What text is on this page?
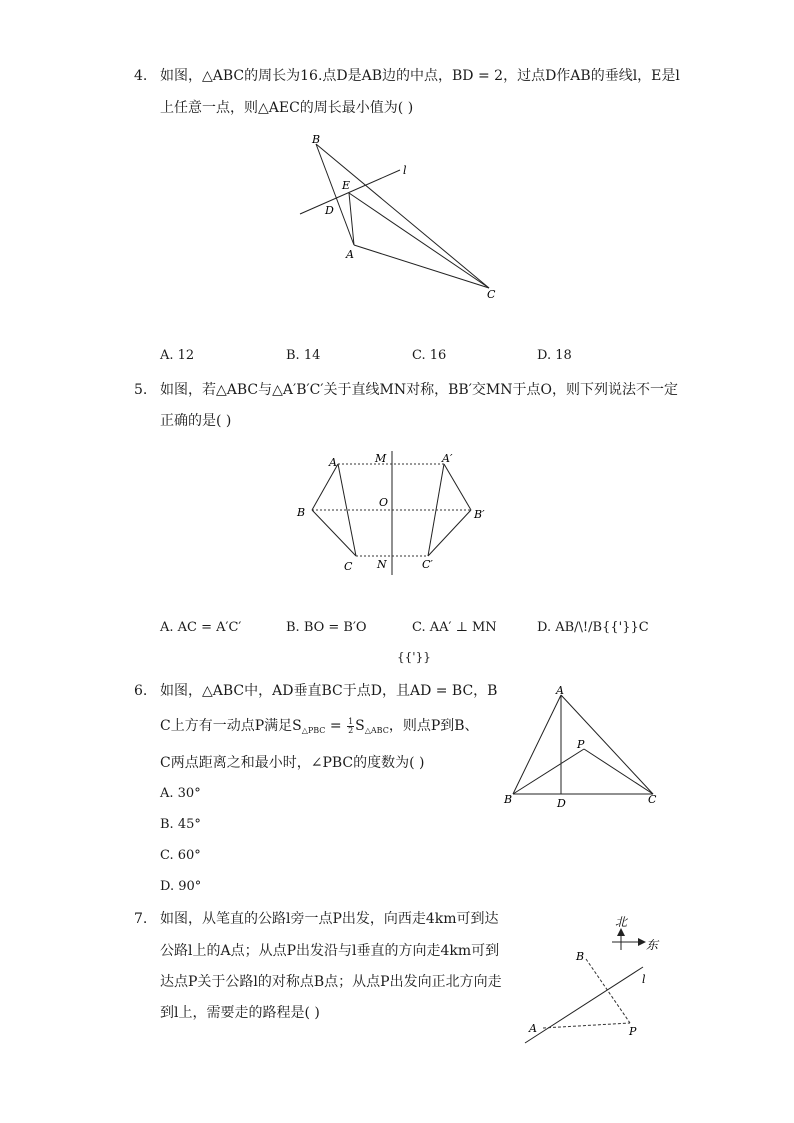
4. 如图，△ABC的周长为16.点D是AB边的中点，BD = 2，过点D作AB的垂线l，E是l
上任意一点，则△AEC的周长最小值为( )
B
E
l
D
A
C
A. 12	B. 14	C. 16	D. 18
5. 如图，若△ABC与△A′B′C′关于直线MN对称，BB′交MN于点O，则下列说法不一定
正确的是( )
A	M	A′
B
O
B′
C N	C′
A. AC = A′C′	B. BO = B′O	C. AA′ ⊥ MN	D. AB/\!/B{{'}}C
{{'}}
6. 如图，△ABC中，AD垂直BC于点D，且AD = BC，B
C上方有一动点P满足$S_{\triangle PBC} = \frac{1}{2} S_{\triangle ABC}$，则点P到B、
C两点距离之和最小时，∠PBC的度数为( )
A. 30°
B. 45°
C. 60°
D. 90°
A
P
B	D	C
7. 如图，从笔直的公路l旁一点P出发，向西走4km可到达
公路l上的A点；从点P出发沿与l垂直的方向走4km可到
达点P关于公路l的对称点B点；从点P出发向正北方向走
到l上，需要走的路程是( )
北
东
B
l
A	P
